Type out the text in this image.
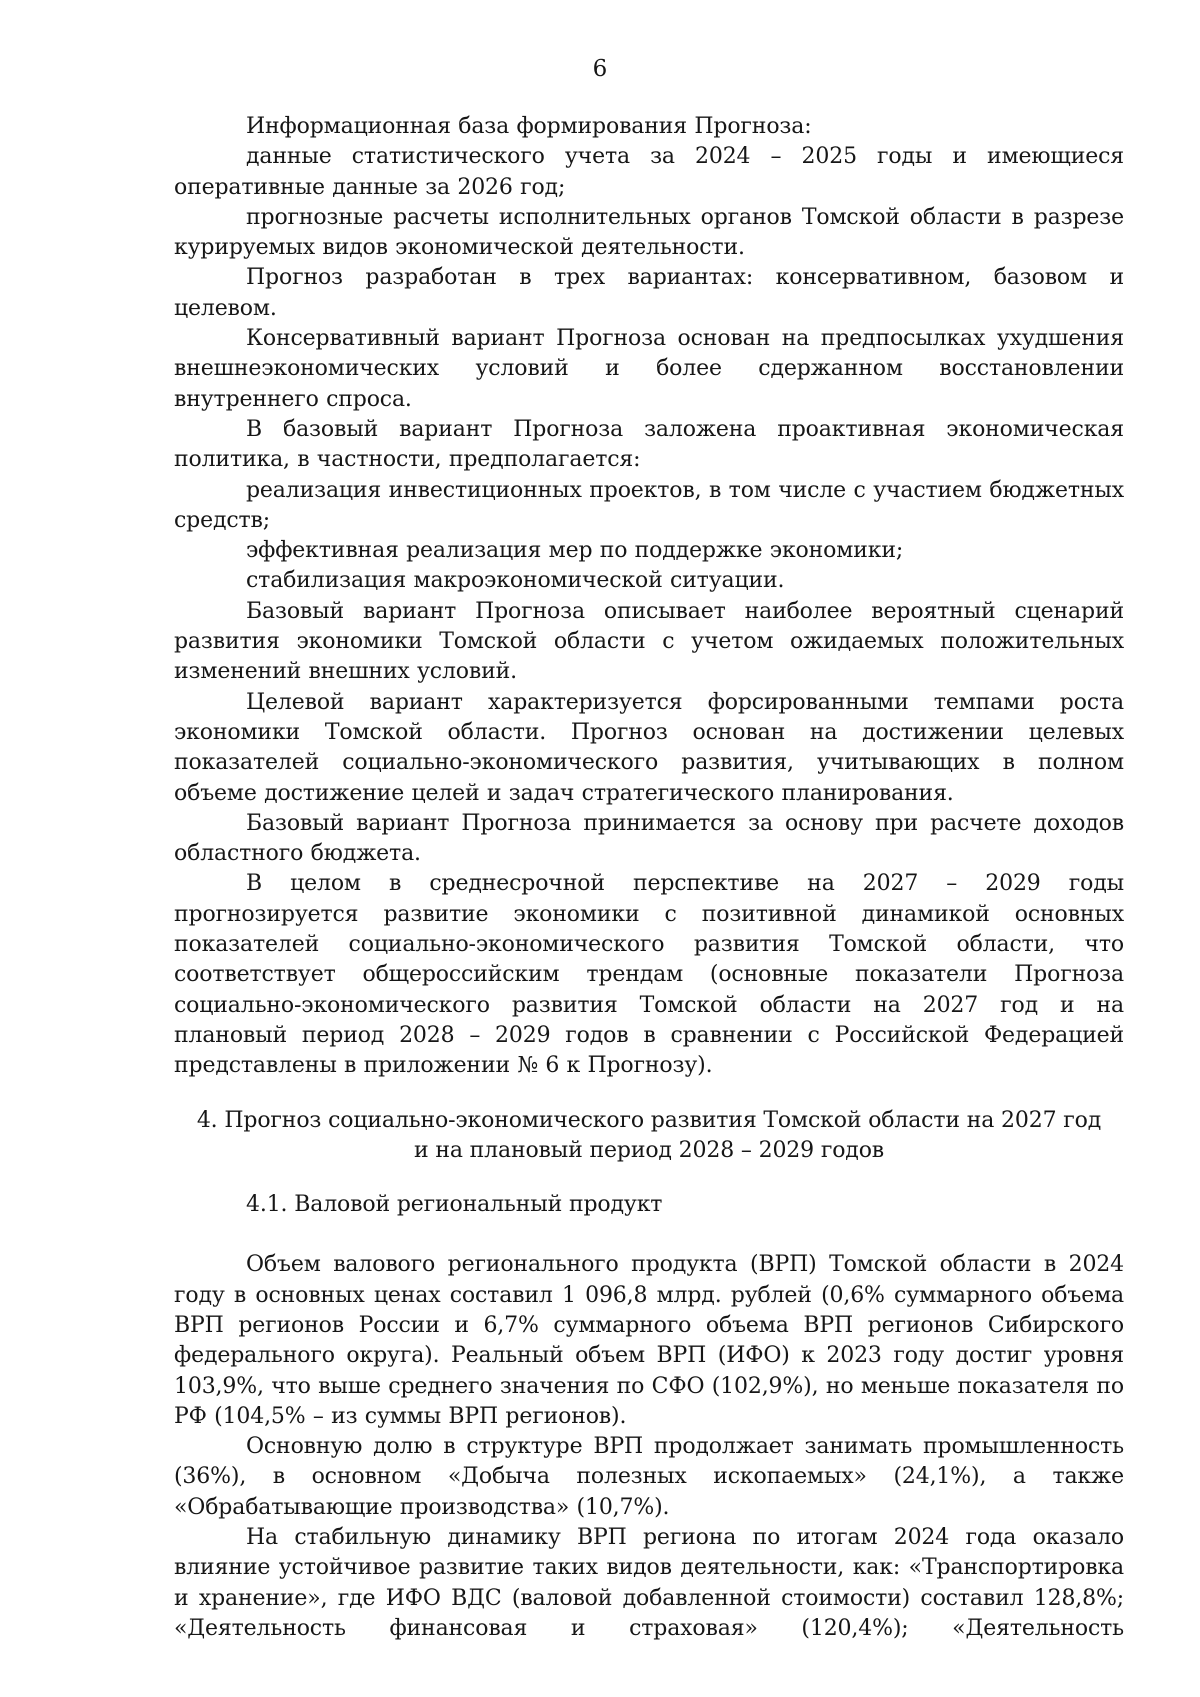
6

Информационная база формирования Прогноза:

данные статистического учета за 2024 – 2025 годы и имеющиеся оперативные данные за 2026 год;

прогнозные расчеты исполнительных органов Томской области в разрезе курируемых видов экономической деятельности.

Прогноз разработан в трех вариантах: консервативном, базовом и целевом.

Консервативный вариант Прогноза основан на предпосылках ухудшения внешнеэкономических условий и более сдержанном восстановлении внутреннего спроса.

В базовый вариант Прогноза заложена проактивная экономическая политика, в частности, предполагается:

реализация инвестиционных проектов, в том числе с участием бюджетных средств;

эффективная реализация мер по поддержке экономики;

стабилизация макроэкономической ситуации.

Базовый вариант Прогноза описывает наиболее вероятный сценарий развития экономики Томской области с учетом ожидаемых положительных изменений внешних условий.

Целевой вариант характеризуется форсированными темпами роста экономики Томской области. Прогноз основан на достижении целевых показателей социально-экономического развития, учитывающих в полном объеме достижение целей и задач стратегического планирования.

Базовый вариант Прогноза принимается за основу при расчете доходов областного бюджета.

В целом в среднесрочной перспективе на 2027 – 2029 годы прогнозируется развитие экономики с позитивной динамикой основных показателей социально-экономического развития Томской области, что соответствует общероссийским трендам (основные показатели Прогноза социально-экономического развития Томской области на 2027 год и на плановый период 2028 – 2029 годов в сравнении с Российской Федерацией представлены в приложении № 6 к Прогнозу).

4. Прогноз социально-экономического развития Томской области на 2027 год
и на плановый период 2028 – 2029 годов
4.1. Валовой региональный продукт

Объем валового регионального продукта (ВРП) Томской области в 2024 году в основных ценах составил 1 096,8 млрд. рублей (0,6% суммарного объема ВРП регионов России и 6,7% суммарного объема ВРП регионов Сибирского федерального округа). Реальный объем ВРП (ИФО) к 2023 году достиг уровня 103,9%, что выше среднего значения по СФО (102,9%), но меньше показателя по РФ (104,5% – из суммы ВРП регионов).

Основную долю в структуре ВРП продолжает занимать промышленность (36%), в основном «Добыча полезных ископаемых» (24,1%), а также «Обрабатывающие производства» (10,7%).

На стабильную динамику ВРП региона по итогам 2024 года оказало влияние устойчивое развитие таких видов деятельности, как: «Транспортировка и хранение», где ИФО ВДС (валовой добавленной стоимости) составил 128,8%; «Деятельность финансовая и страховая» (120,4%); «Деятельность
